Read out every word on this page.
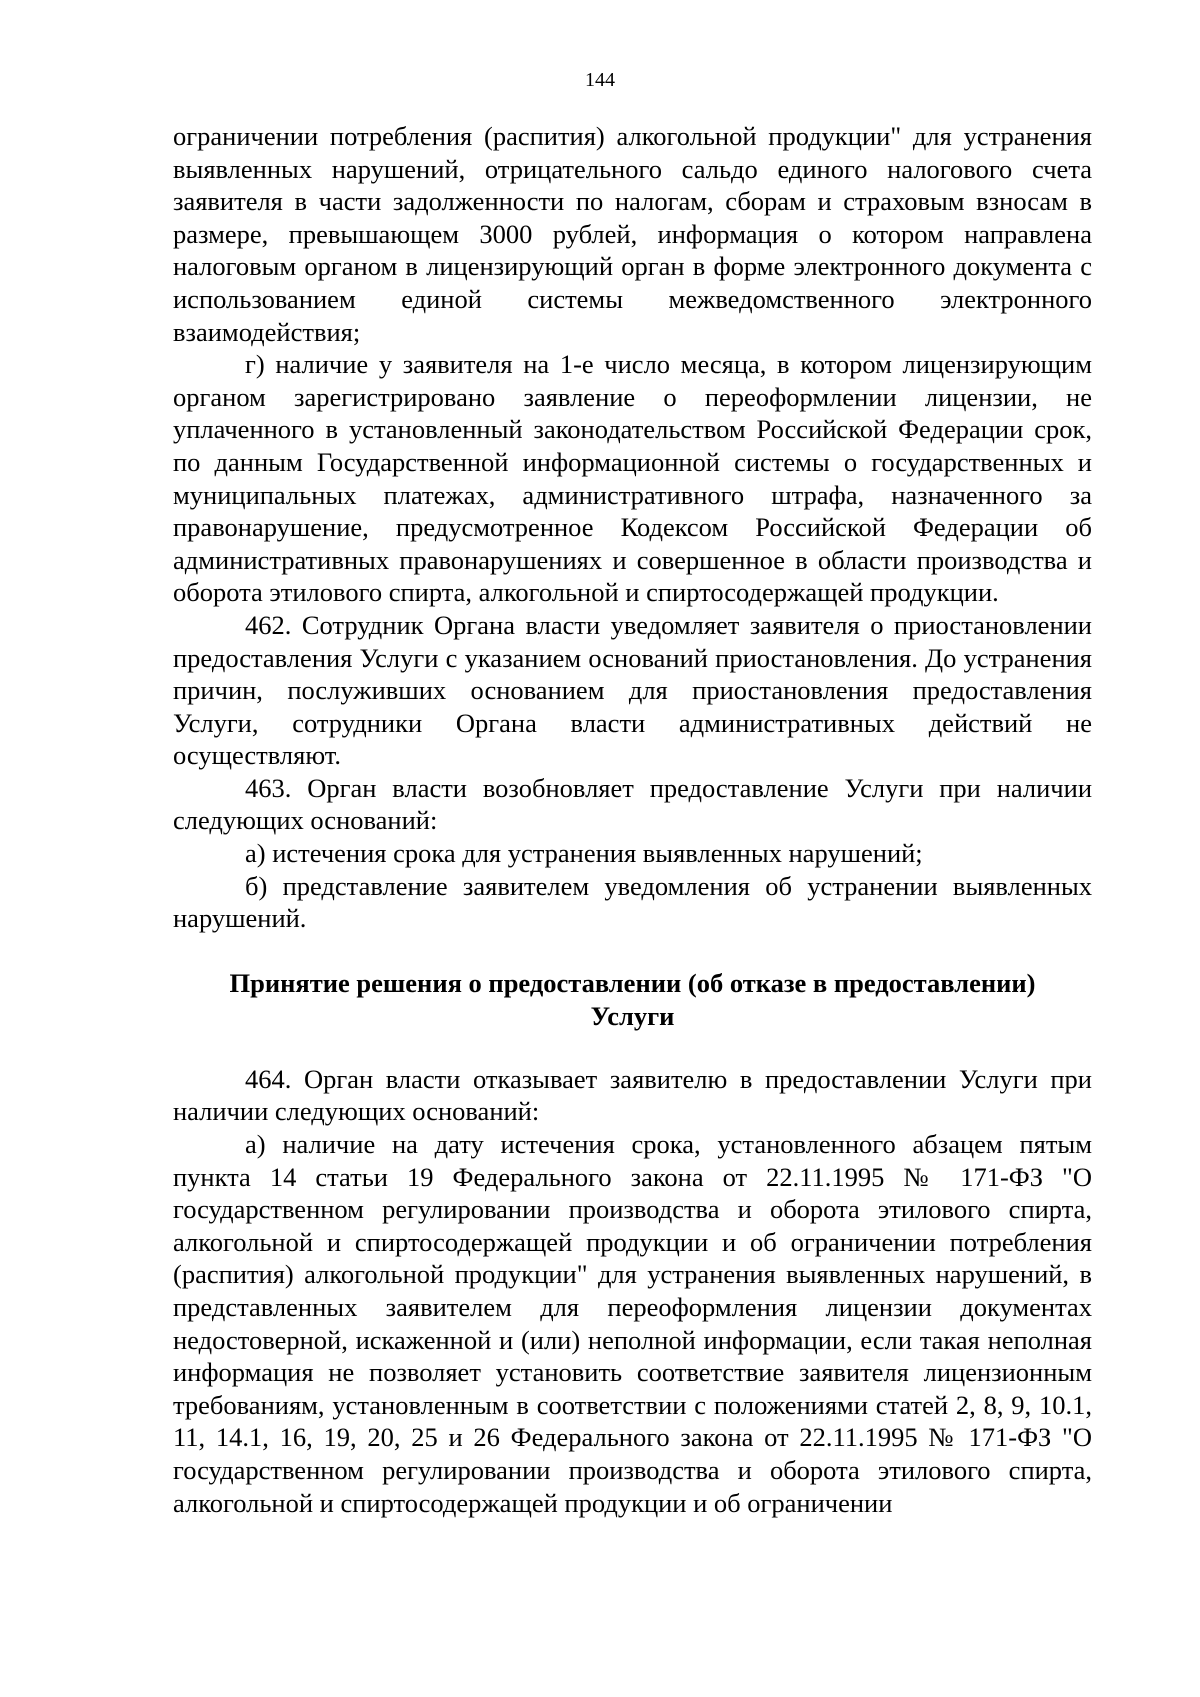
144

ограничении потребления (распития) алкогольной продукции" для устранения выявленных нарушений, отрицательного сальдо единого налогового счета заявителя в части задолженности по налогам, сборам и страховым взносам в размере, превышающем 3000 рублей, информация о котором направлена налоговым органом в лицензирующий орган в форме электронного документа с использованием единой системы межведомственного электронного взаимодействия;

г) наличие у заявителя на 1-е число месяца, в котором лицензирующим органом зарегистрировано заявление о переоформлении лицензии, не уплаченного в установленный законодательством Российской Федерации срок, по данным Государственной информационной системы о государственных и муниципальных платежах, административного штрафа, назначенного за правонарушение, предусмотренное Кодексом Российской Федерации об административных правонарушениях и совершенное в области производства и оборота этилового спирта, алкогольной и спиртосодержащей продукции.

462. Сотрудник Органа власти уведомляет заявителя о приостановлении предоставления Услуги с указанием оснований приостановления. До устранения причин, послуживших основанием для приостановления предоставления Услуги, сотрудники Органа власти административных действий не осуществляют.

463. Орган власти возобновляет предоставление Услуги при наличии следующих оснований:

а) истечения срока для устранения выявленных нарушений;

б) представление заявителем уведомления об устранении выявленных нарушений.

Принятие решения о предоставлении (об отказе в предоставлении)
Услуги

464. Орган власти отказывает заявителю в предоставлении Услуги при наличии следующих оснований:

а) наличие на дату истечения срока, установленного абзацем пятым пункта 14 статьи 19 Федерального закона от 22.11.1995 № 171-ФЗ "О государственном регулировании производства и оборота этилового спирта, алкогольной и спиртосодержащей продукции и об ограничении потребления (распития) алкогольной продукции" для устранения выявленных нарушений, в представленных заявителем для переоформления лицензии документах недостоверной, искаженной и (или) неполной информации, если такая неполная информация не позволяет установить соответствие заявителя лицензионным требованиям, установленным в соответствии с положениями статей 2, 8, 9, 10.1, 11, 14.1, 16, 19, 20, 25 и 26 Федерального закона от 22.11.1995 № 171-ФЗ "О государственном регулировании производства и оборота этилового спирта, алкогольной и спиртосодержащей продукции и об ограничении
